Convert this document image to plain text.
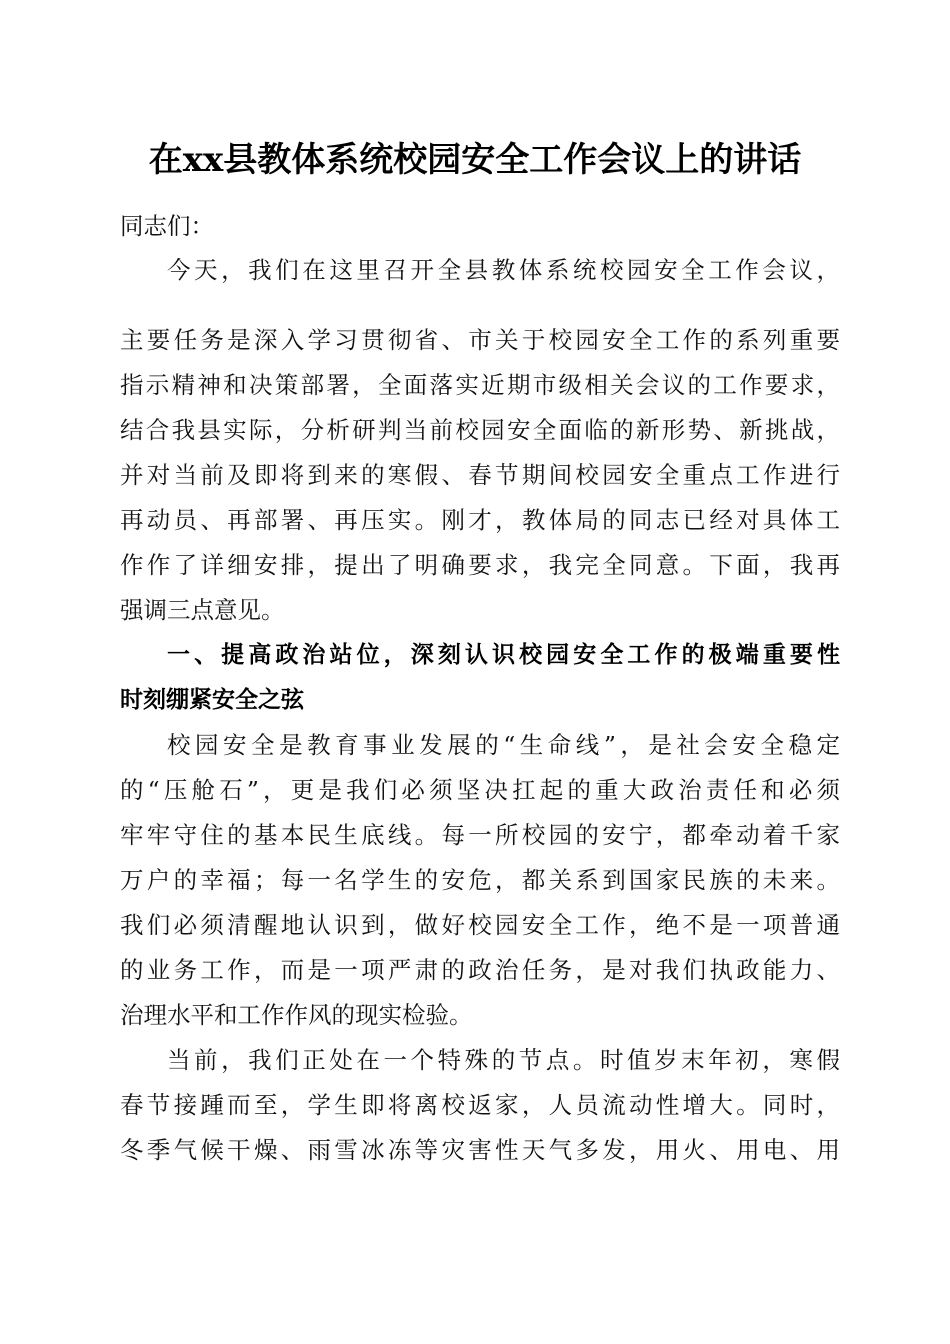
在xx县教体系统校园安全工作会议上的讲话
同志们：
今天，我们在这里召开全县教体系统校园安全工作会议，
主要任务是深入学习贯彻省、市关于校园安全工作的系列重要
指示精神和决策部署，全面落实近期市级相关会议的工作要求，
结合我县实际，分析研判当前校园安全面临的新形势、新挑战，
并对当前及即将到来的寒假、春节期间校园安全重点工作进行
再动员、再部署、再压实。刚才，教体局的同志已经对具体工
作作了详细安排，提出了明确要求，我完全同意。下面，我再
强调三点意见。
一、提高政治站位，深刻认识校园安全工作的极端重要性
时刻绷紧安全之弦
校园安全是教育事业发展的“生命线”，是社会安全稳定
的“压舱石”，更是我们必须坚决扛起的重大政治责任和必须
牢牢守住的基本民生底线。每一所校园的安宁，都牵动着千家
万户的幸福；每一名学生的安危，都关系到国家民族的未来。
我们必须清醒地认识到，做好校园安全工作，绝不是一项普通
的业务工作，而是一项严肃的政治任务，是对我们执政能力、
治理水平和工作作风的现实检验。
当前，我们正处在一个特殊的节点。时值岁末年初，寒假
春节接踵而至，学生即将离校返家，人员流动性增大。同时，
冬季气候干燥、雨雪冰冻等灾害性天气多发，用火、用电、用
